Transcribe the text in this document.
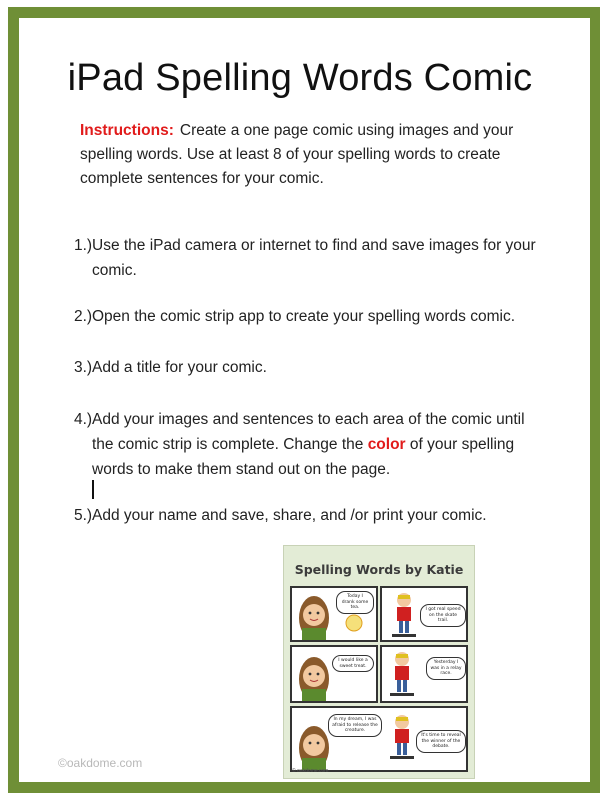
iPad Spelling Words Comic
Instructions: Create a one page comic using images and your spelling words. Use at least 8 of your spelling words to create complete sentences for your comic.
1.) Use the iPad camera or internet to find and save images for your comic.
2.) Open the comic strip app to create your spelling words comic.
3.) Add a title for your comic.
4.) Add your images and sentences to each area of the comic until the comic strip is complete. Change the color of your spelling words to make them stand out on the page.
5.) Add your name and save, share, and /or print your comic.
Spelling Words by Katie
Today I drank some tea.	I got real speed on the skate trail.
I would like a sweet treat.
Yesterday I was in a relay race.
In my dream, I was afraid to release the creature.
It's time to reveal the winner of the debate.
© oakdome.com
©oakdome.com
